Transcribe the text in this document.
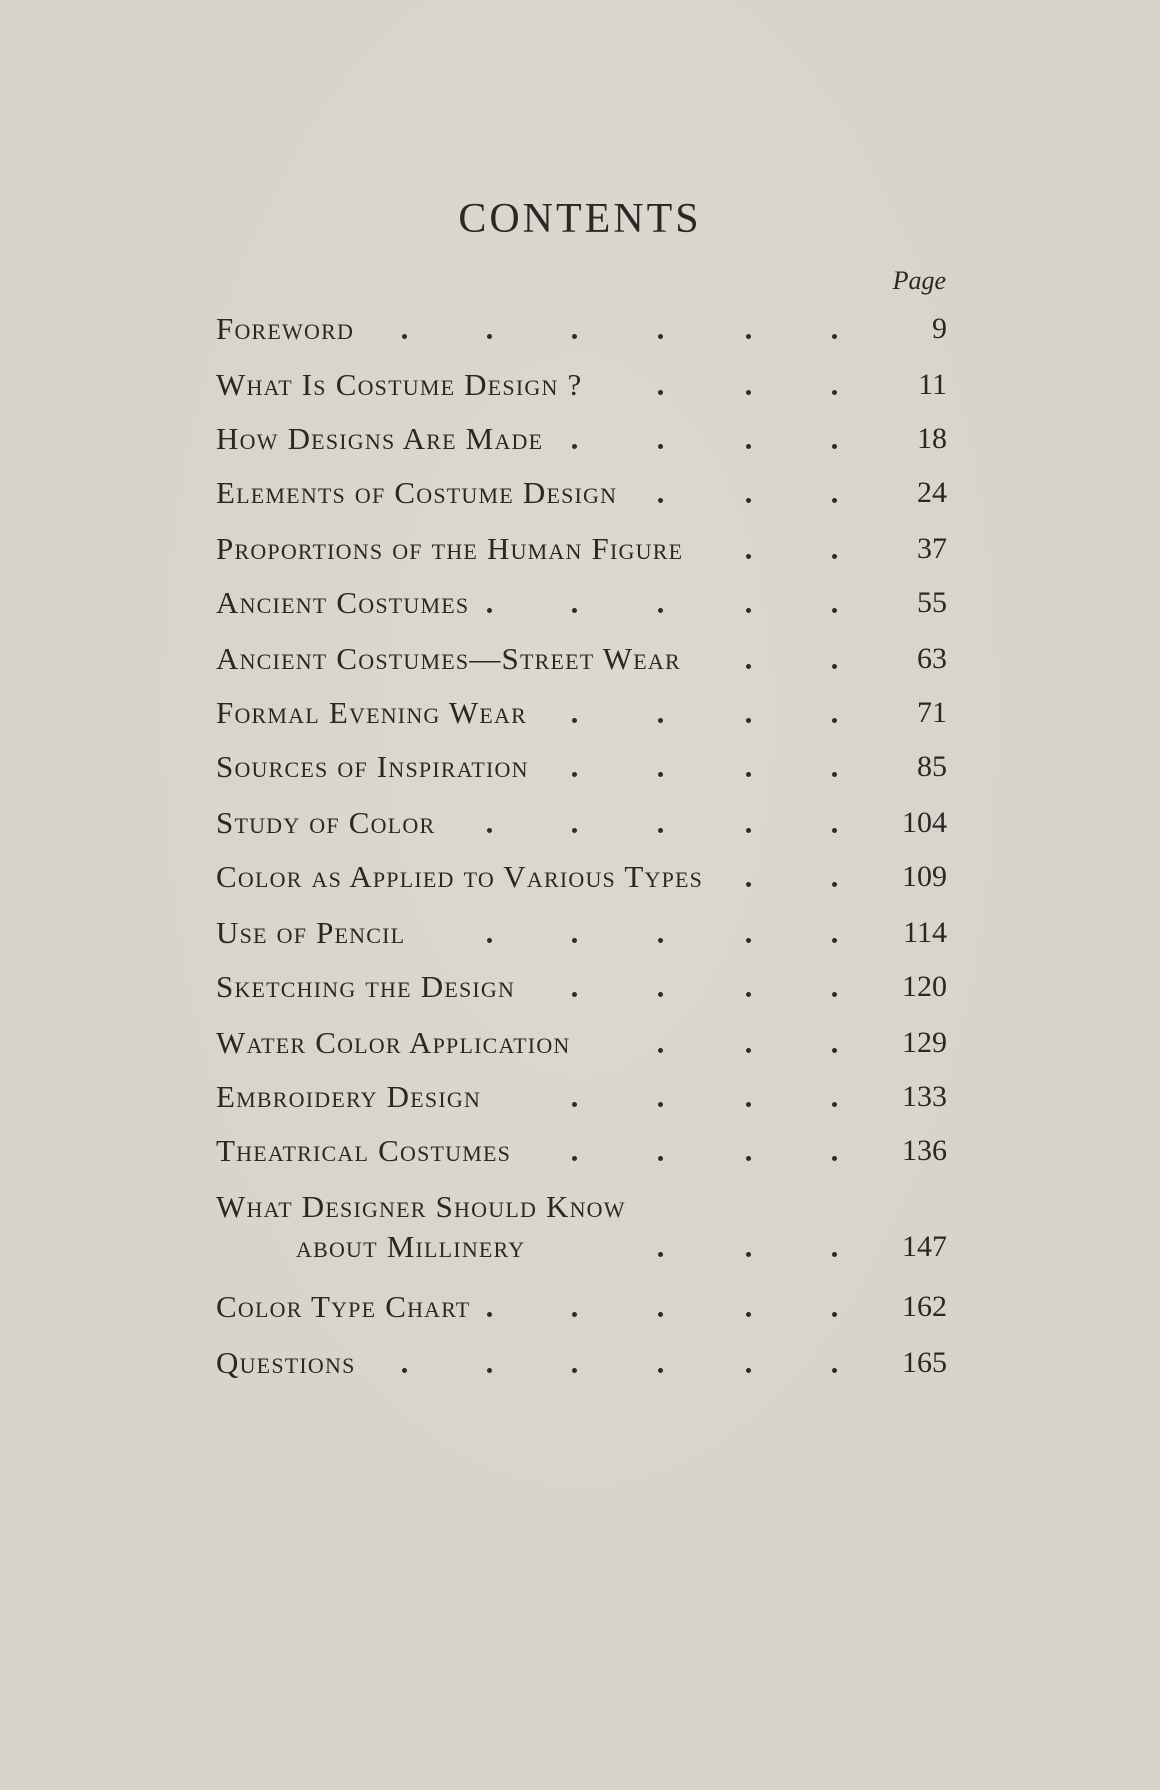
CONTENTS
Page
Foreword	9
What Is Costume Design ?	11
How Designs Are Made	18
Elements of Costume Design	24
Proportions of the Human Figure	37
Ancient Costumes	55
Ancient Costumes—Street Wear	63
Formal Evening Wear	71
Sources of Inspiration	85
Study of Color	104
Color as Applied to Various Types	109
Use of Pencil	114
Sketching the Design	120
Water Color Application	129
Embroidery Design	133
Theatrical Costumes	136
What Designer Should Know
about Millinery	147
Color Type Chart	162
Questions	165
